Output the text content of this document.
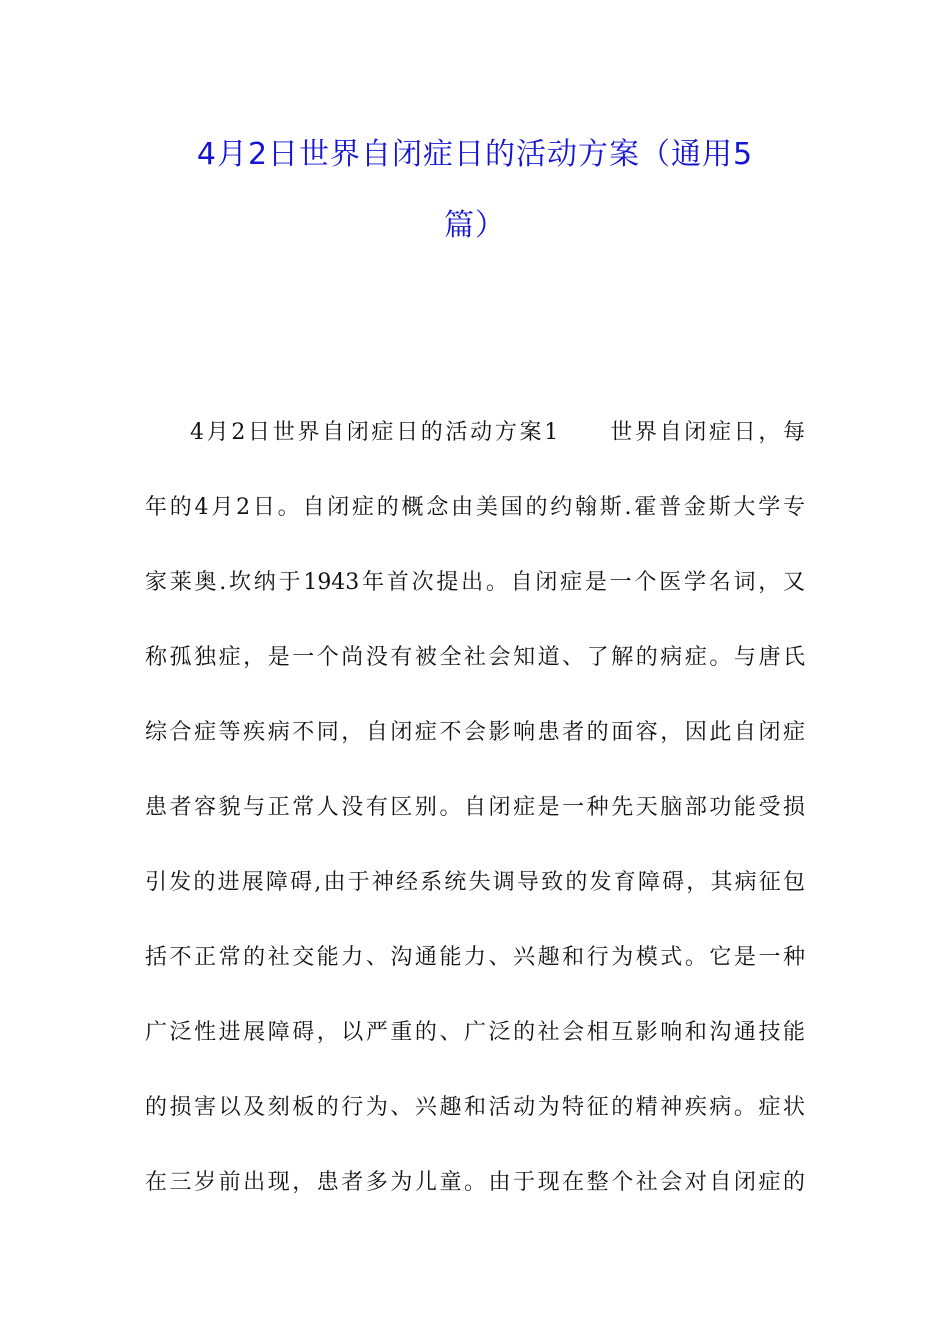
4月2日世界自闭症日的活动方案（通用5
篇）

4月2日世界自闭症日的活动方案1　　世界自闭症日，每

年的4月2日。自闭症的概念由美国的约翰斯.霍普金斯大学专

家莱奥.坎纳于1943年首次提出。自闭症是一个医学名词，又

称孤独症，是一个尚没有被全社会知道、了解的病症。与唐氏

综合症等疾病不同，自闭症不会影响患者的面容，因此自闭症

患者容貌与正常人没有区别。自闭症是一种先天脑部功能受损

引发的进展障碍,由于神经系统失调导致的发育障碍，其病征包

括不正常的社交能力、沟通能力、兴趣和行为模式。它是一种

广泛性进展障碍，以严重的、广泛的社会相互影响和沟通技能

的损害以及刻板的行为、兴趣和活动为特征的精神疾病。症状

在三岁前出现，患者多为儿童。由于现在整个社会对自闭症的
